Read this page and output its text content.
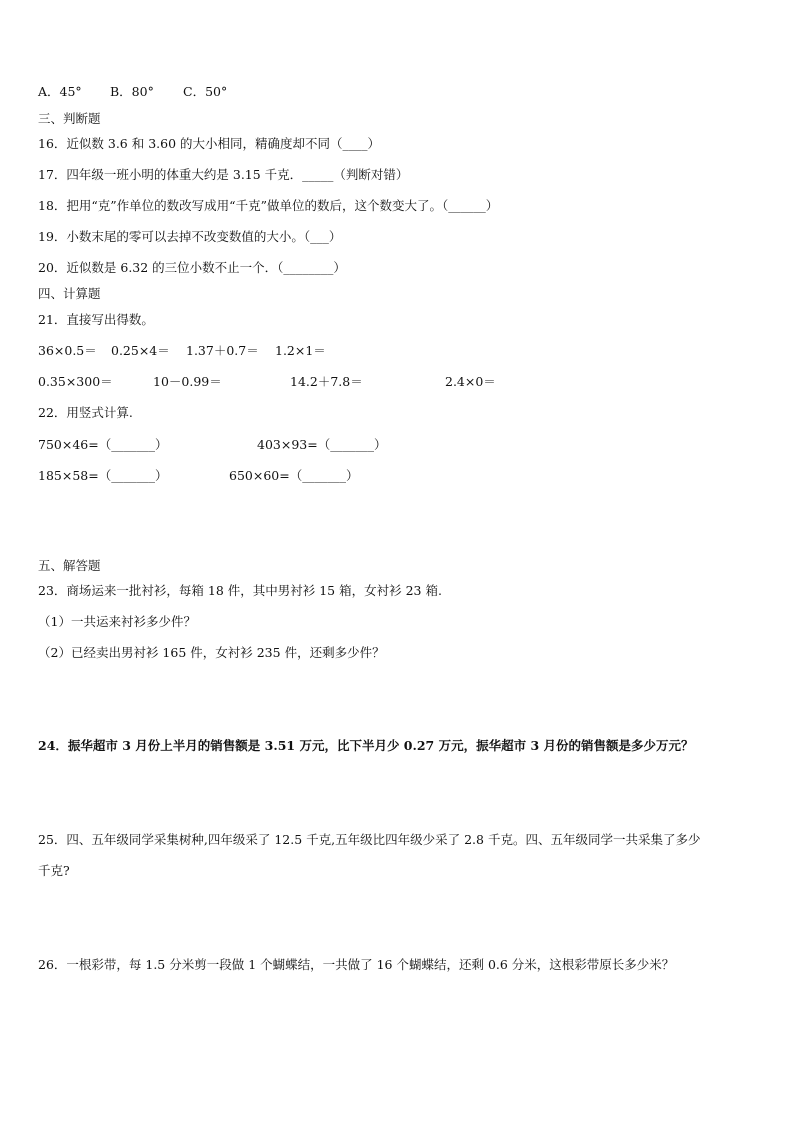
A．45° B．80° C．50°
三、判断题
16．近似数 3.6 和 3.60 的大小相同，精确度却不同（____）
17．四年级一班小明的体重大约是 3.15 千克．_____（判断对错）
18．把用“克”作单位的数改写成用“千克”做单位的数后，这个数变大了。（______）
19．小数末尾的零可以去掉不改变数值的大小。（___）
20．近似数是 6.32 的三位小数不止一个．（________）
四、计算题
21．直接写出得数。
36×0.5＝ 0.25×4＝ 1.37＋0.7＝ 1.2×1＝
0.35×300＝	10－0.99＝	14.2＋7.8＝	2.4×0＝
22．用竖式计算.
750×46=（_______）	403×93=（_______）
185×58=（_______）	650×60=（_______）
五、解答题
23．商场运来一批衬衫，每箱 18 件，其中男衬衫 15 箱，女衬衫 23 箱.
（1）一共运来衬衫多少件？
（2）已经卖出男衬衫 165 件，女衬衫 235 件，还剩多少件？
24．振华超市 3 月份上半月的销售额是 3.51 万元，比下半月少 0.27 万元，振华超市 3 月份的销售额是多少万元？
25．四、五年级同学采集树种,四年级采了 12.5 千克,五年级比四年级少采了 2.8 千克。四、五年级同学一共采集了多少
千克?
26．一根彩带，每 1.5 分米剪一段做 1 个蝴蝶结，一共做了 16 个蝴蝶结，还剩 0.6 分米，这根彩带原长多少米？
